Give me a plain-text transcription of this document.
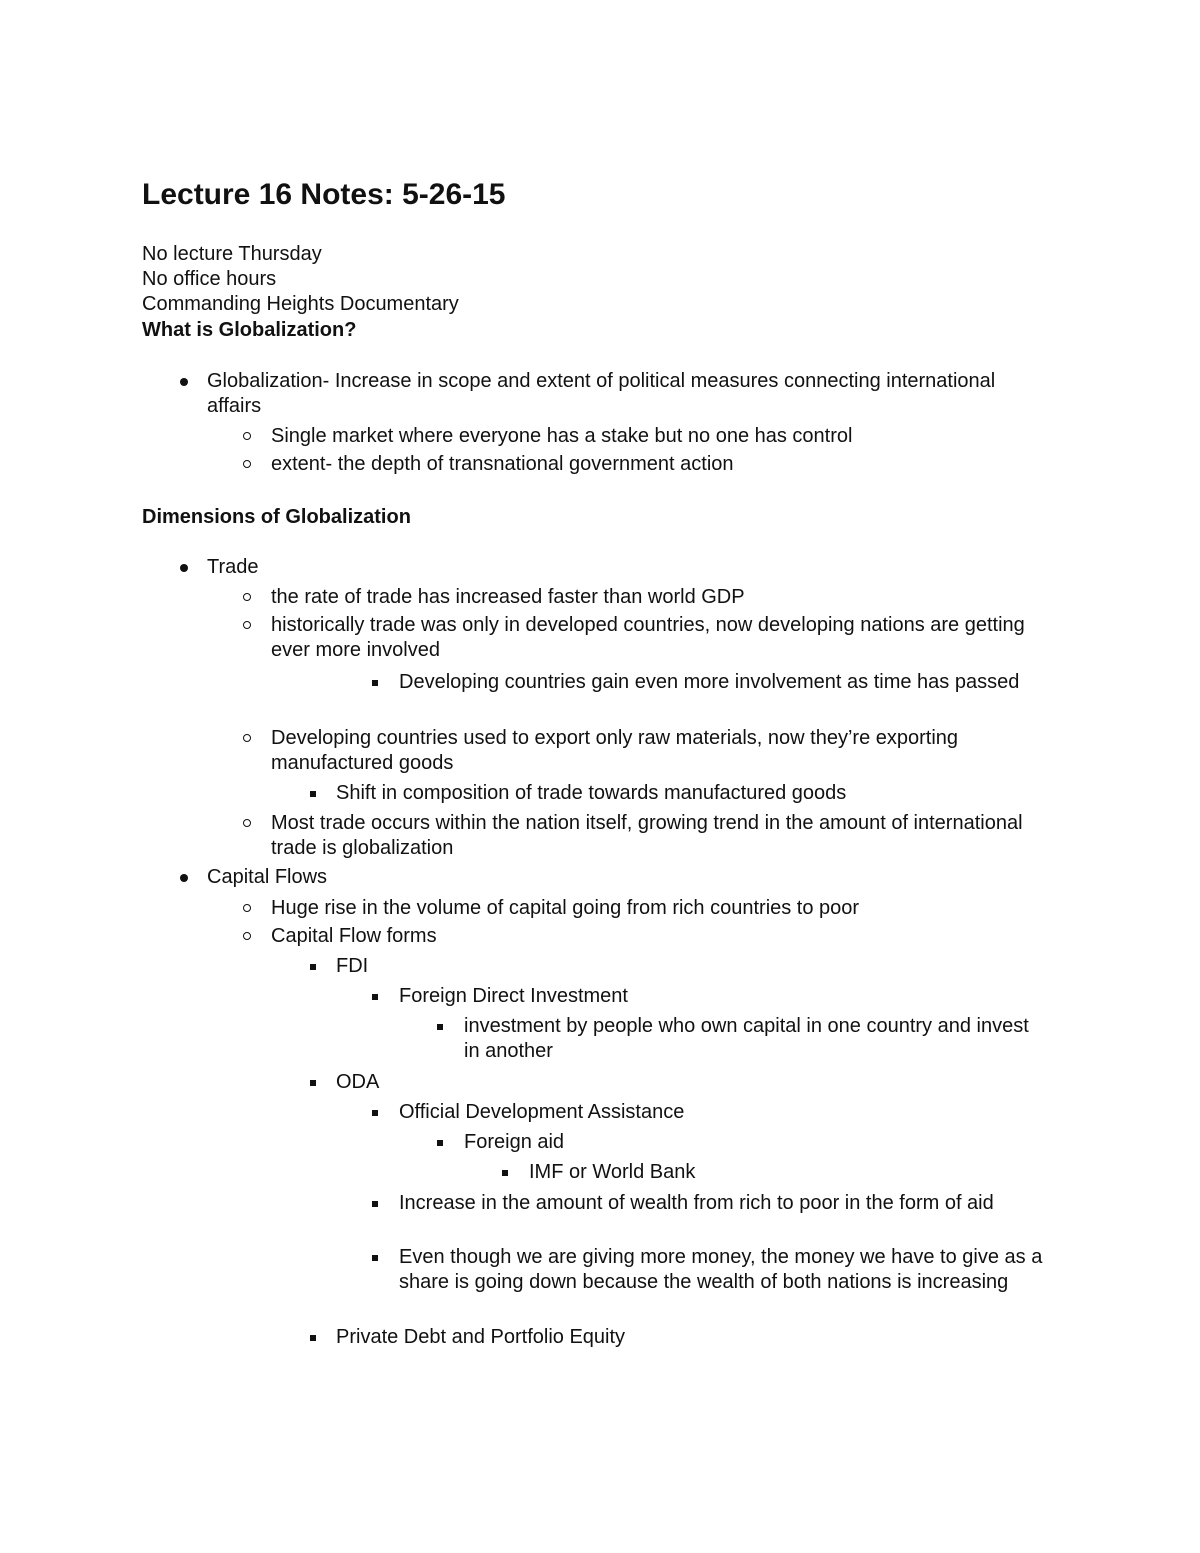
Lecture 16 Notes: 5-26-15
No lecture Thursday
No office hours
Commanding Heights Documentary
What is Globalization?
Globalization- Increase in scope and extent of political measures connecting international affairs
Single market where everyone has a stake but no one has control
extent- the depth of transnational government action
Dimensions of Globalization
Trade
the rate of trade has increased faster than world GDP
historically trade was only in developed countries, now developing nations are getting ever more involved
Developing countries gain even more involvement as time has passed
Developing countries used to export only raw materials, now they’re exporting manufactured goods
Shift in composition of trade towards manufactured goods
Most trade occurs within the nation itself, growing trend in the amount of international trade is globalization
Capital Flows
Huge rise in the volume of capital going from rich countries to poor
Capital Flow forms
FDI
Foreign Direct Investment
investment by people who own capital in one country and invest in another
ODA
Official Development Assistance
Foreign aid
IMF or World Bank
Increase in the amount of wealth from rich to poor in the form of aid
Even though we are giving more money, the money we have to give as a share is going down because the wealth of both nations is increasing
Private Debt and Portfolio Equity
